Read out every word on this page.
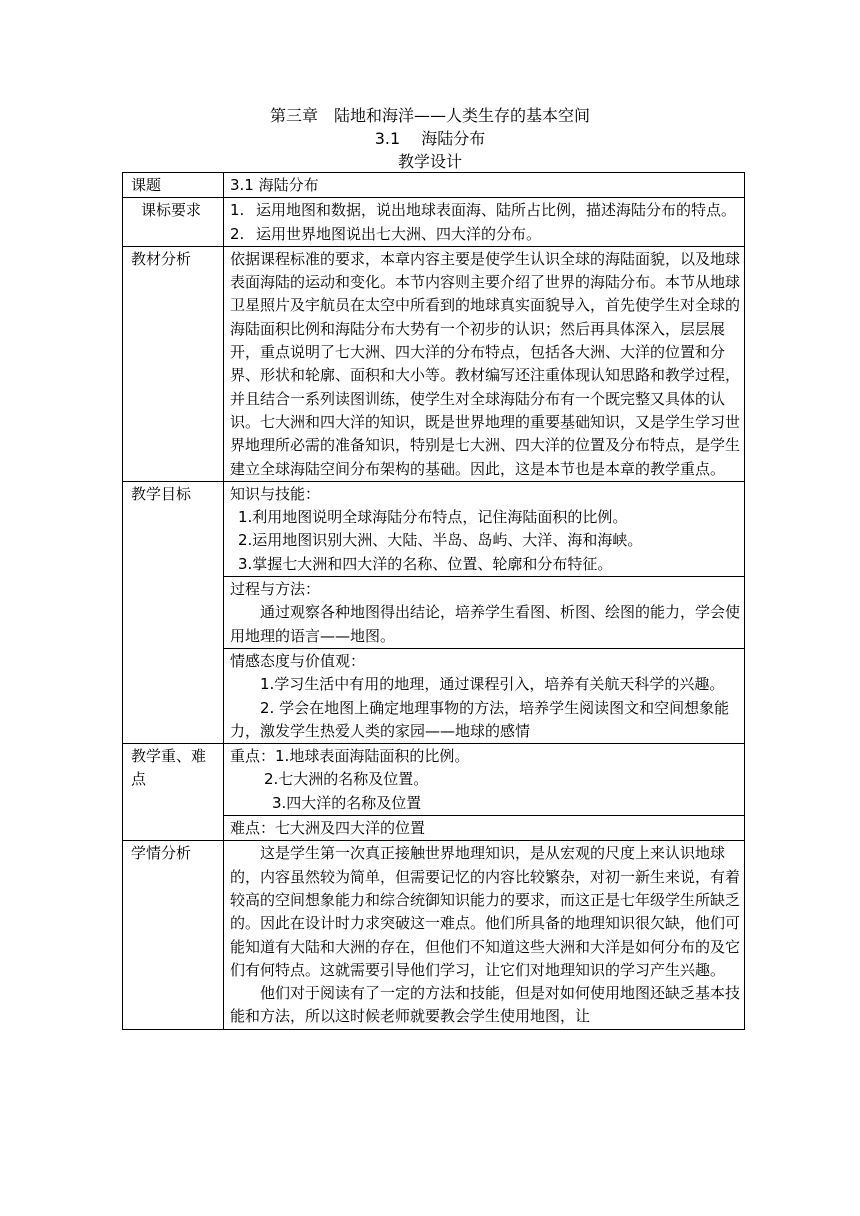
第三章　陆地和海洋——人类生存的基本空间
3.1　 海陆分布
教学设计
课题	3.1 海陆分布
课标要求	1. 运用地图和数据，说出地球表面海、陆所占比例，描述海陆分布的特点。
2. 运用世界地图说出七大洲、四大洋的分布。

教材分析	依据课程标准的要求，本章内容主要是使学生认识全球的海陆面貌，以及地球表面海陆的运动和变化。本节内容则主要介绍了世界的海陆分布。本节从地球卫星照片及宇航员在太空中所看到的地球真实面貌导入，首先使学生对全球的海陆面积比例和海陆分布大势有一个初步的认识；然后再具体深入，层层展开，重点说明了七大洲、四大洋的分布特点，包括各大洲、大洋的位置和分界、形状和轮廓、面积和大小等。教材编写还注重体现认知思路和教学过程，并且结合一系列读图训练，使学生对全球海陆分布有一个既完整又具体的认识。七大洲和四大洋的知识，既是世界地理的重要基础知识，又是学生学习世界地理所必需的准备知识，特别是七大洲、四大洋的位置及分布特点，是学生建立全球海陆空间分布架构的基础。因此，这是本节也是本章的教学重点。
教学目标	知识与技能：
1.利用地图说明全球海陆分布特点，记住海陆面积的比例。
2.运用地图识别大洲、大陆、半岛、岛屿、大洋、海和海峡。
3.掌握七大洲和四大洋的名称、位置、轮廓和分布特征。

	过程与方法：
通过观察各种地图得出结论，培养学生看图、析图、绘图的能力，学会使用地理的语言——地图。

	情感态度与价值观：
1.学习生活中有用的地理，通过课程引入，培养有关航天科学的兴趣。
2. 学会在地图上确定地理事物的方法，培养学生阅读图文和空间想象能力，激发学生热爱人类的家园——地球的感情

教学重、难点	重点：1.地球表面海陆面积的比例。
2.七大洲的名称及位置。
3.四大洋的名称及位置

	难点：七大洲及四大洋的位置
学情分析	这是学生第一次真正接触世界地理知识，是从宏观的尺度上来认识地球的，内容虽然较为简单，但需要记忆的内容比较繁杂，对初一新生来说，有着较高的空间想象能力和综合统御知识能力的要求，而这正是七年级学生所缺乏的。因此在设计时力求突破这一难点。他们所具备的地理知识很欠缺，他们可能知道有大陆和大洲的存在，但他们不知道这些大洲和大洋是如何分布的及它们有何特点。这就需要引导他们学习，让它们对地理知识的学习产生兴趣。
他们对于阅读有了一定的方法和技能，但是对如何使用地图还缺乏基本技能和方法，所以这时候老师就要教会学生使用地图，让
